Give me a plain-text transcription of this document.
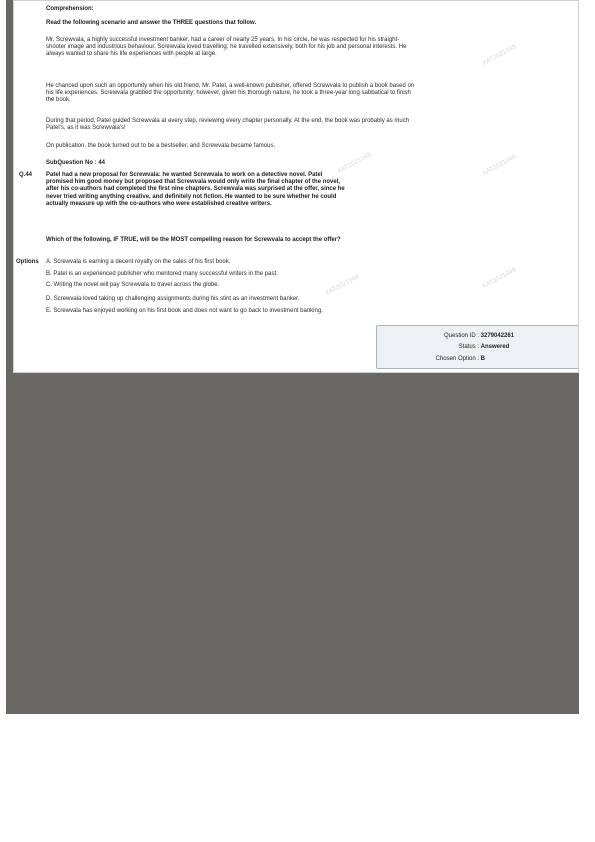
XAT2021048
XAT2021048
XAT2021048
XAT2021048
XAT2021048
Comprehension:
Read the following scenario and answer the THREE questions that follow.
Mr. Screwvala, a highly successful investment banker, had a career of nearly 25 years. In his circle, he was respected for his straight-shooter image and industrious behaviour. Screwvala loved travelling; he travelled extensively, both for his job and personal interests. He always wanted to share his life experiences with people at large.
He chanced upon such an opportunity when his old friend, Mr. Patel, a well-known publisher, offered Screwvala to publish a book based on his life experiences. Screwvala grabbed the opportunity; however, given his thorough nature, he took a three-year long sabbatical to finish the book.
During that period, Patel guided Screwvala at every step, reviewing every chapter personally. At the end, the book was probably as much Patel's, as it was Screwvala's!
On publication, the book turned out to be a bestseller, and Screwvala became famous.
SubQuestion No : 44
Q.44 Patel had a new proposal for Screwvala: he wanted Screwvala to work on a detective novel. Patel promised him good money but proposed that Screwvala would only write the final chapter of the novel, after his co-authors had completed the first nine chapters. Screwvala was surprised at the offer, since he never tried writing anything creative, and definitely not fiction. He wanted to be sure whether he could actually measure up with the co-authors who were established creative writers.
Which of the following, IF TRUE, will be the MOST compelling reason for Screwvala to accept the offer?
Options A. Screwvala is earning a decent royalty on the sales of his first book.
B. Patel is an experienced publisher who mentored many successful writers in the past.
C. Writing the novel will pay Screwvala to travel across the globe.
D. Screwvala loved taking up challenging assignments during his stint as an investment banker.
E. Screwvala has enjoyed working on his first book and does not want to go back to investment banking.
Question ID : 3279042261
Status : Answered
Chosen Option : B
